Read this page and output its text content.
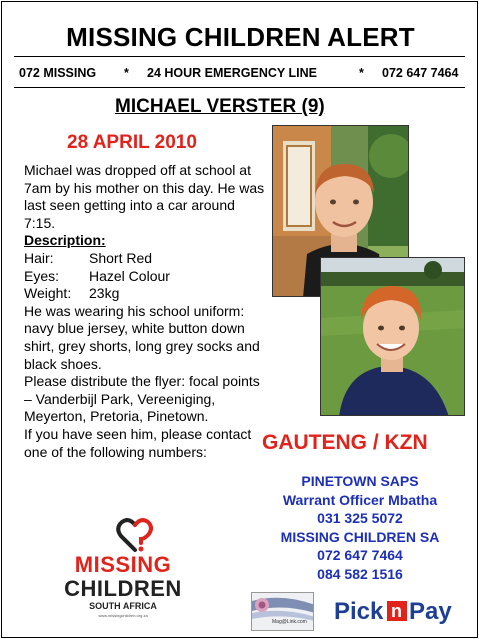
MISSING CHILDREN ALERT
072 MISSING * 24 HOUR EMERGENCY LINE	* 072 647 7464
MICHAEL VERSTER (9)
28 APRIL 2010

Michael was dropped off at school at 7am by his mother on this day. He was last seen getting into a car around 7:15.

Description:

Hair:	Short Red
Eyes:	Hazel Colour
Weight:	23kg

He was wearing his school uniform: navy blue jersey, white button down shirt, grey shorts, long grey socks and black shoes.

Please distribute the flyer: focal points – Vanderbijl Park, Vereeniging, Meyerton, Pretoria, Pinetown.

If you have seen him, please contact one of the following numbers:	GAUTENG / KZN
PINETOWN SAPS
Warrant Officer Mbatha
031 325 5072
MISSING CHILDREN SA
072 647 7464
084 582 1516
MISSING
CHILDREN
SOUTH AFRICA
www.missingchildren.org.za
Mag@Link.com Pick n Pay
